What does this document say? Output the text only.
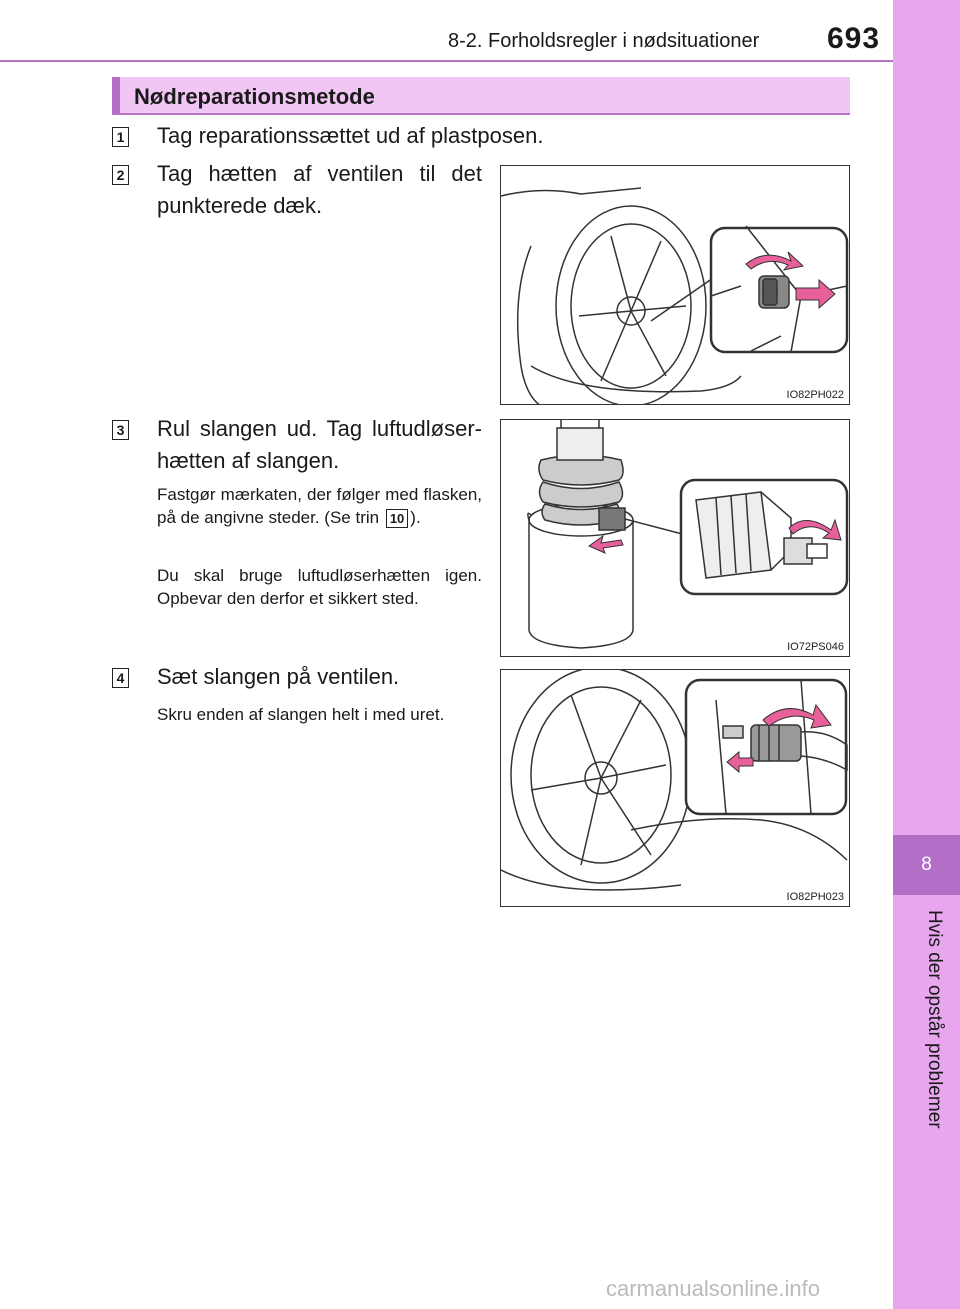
8-2. Forholdsregler i nødsituationer 693
8
Hvis der opstår problemer
Nødreparationsmetode
1 Tag reparationssættet ud af plastposen.
2 Tag hætten af ventilen til det punkterede dæk.
3 Rul slangen ud. Tag luftudløser-hætten af slangen.
Fastgør mærkaten, der følger med flasken, på de angivne steder. (Se trin 10 ).
Du skal bruge luftudløserhætten igen. Opbevar den derfor et sikkert sted.
4 Sæt slangen på ventilen.
Skru enden af slangen helt i med uret.
IO82PH022
IO72PS046
IO82PH023
carmanualsonline.info
